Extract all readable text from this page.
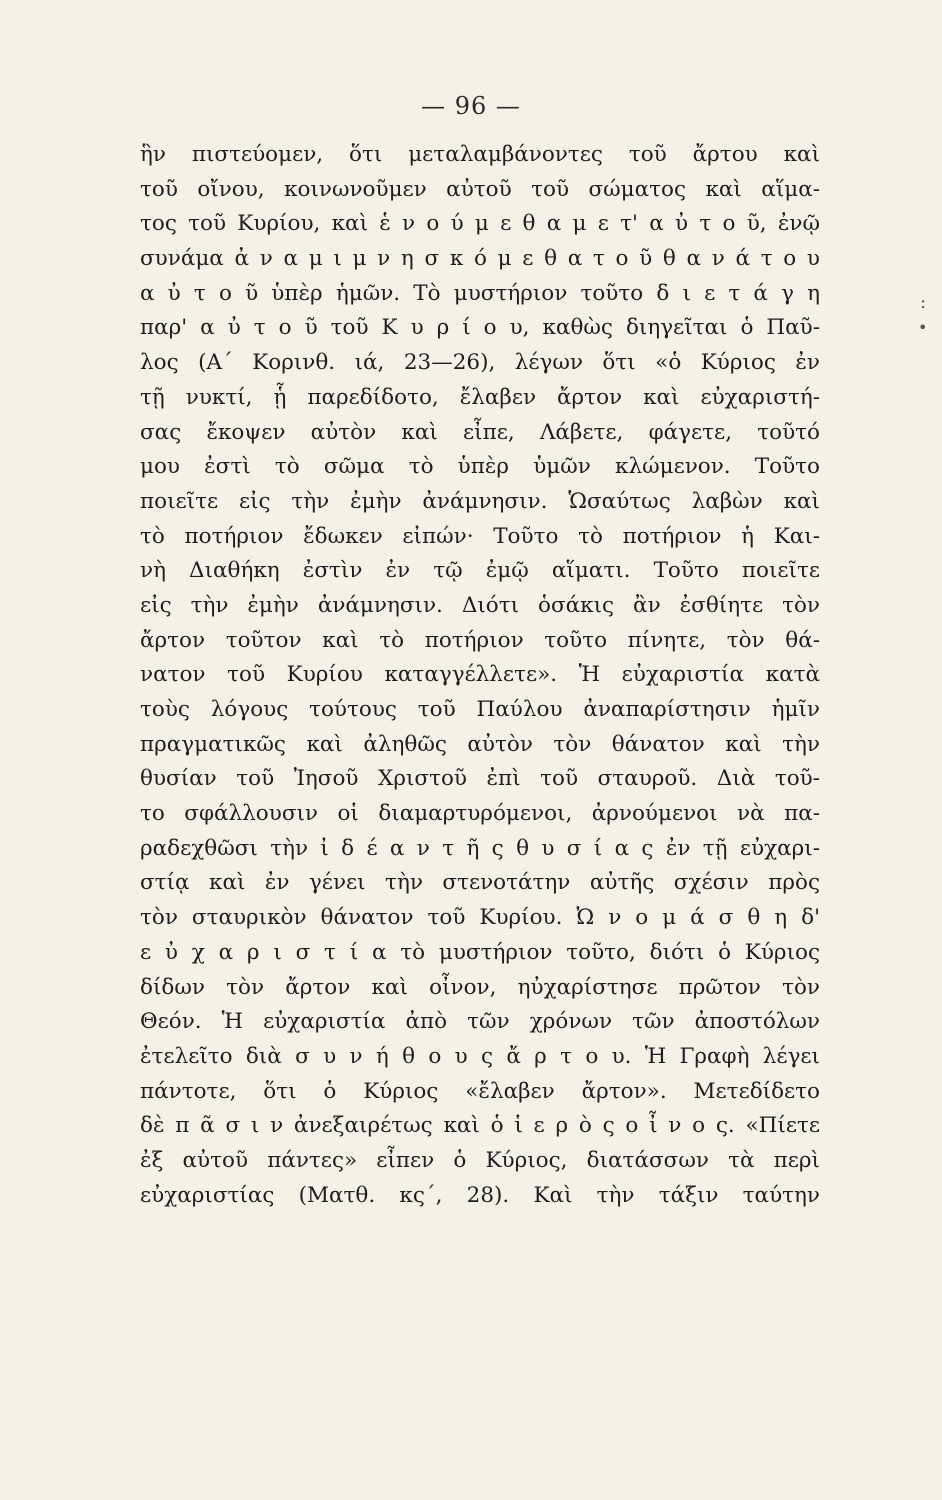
— 96 —
ἣν πιστεύομεν, ὅτι μεταλαμβάνοντες τοῦ ἄρτου καὶ
τοῦ οἴνου, κοινωνοῦμεν αὐτοῦ τοῦ σώματος καὶ αἵμα-
τος τοῦ Κυρίου, καὶ ἑ ν ο ύ μ ε θ α μ ε τ' α ὐ τ ο ῦ, ἐνῷ
συνάμα ἀ ν α μ ι μ ν η σ κ ό μ ε θ α τ ο ῦ θ α ν ά τ ο υ
α ὐ τ ο ῦ ὑπὲρ ἡμῶν. Τὸ μυστήριον τοῦτο δ ι ε τ ά γ η
παρ' α ὐ τ ο ῦ τοῦ Κ υ ρ ί ο υ, καθὼς διηγεῖται ὁ Παῦ-
λος (Α΄ Κορινθ. ιά, 23—26), λέγων ὅτι «ὁ Κύριος ἐν
τῇ νυκτί, ᾗ παρεδίδοτο, ἔλαβεν ἄρτον καὶ εὐχαριστή-
σας ἔκοψεν αὐτὸν καὶ εἶπε, Λάβετε, φάγετε, τοῦτό
μου ἐστὶ τὸ σῶμα τὸ ὑπὲρ ὑμῶν κλώμενον. Τοῦτο
ποιεῖτε εἰς τὴν ἐμὴν ἀνάμνησιν. Ὡσαύτως λαβὼν καὶ
τὸ ποτήριον ἔδωκεν εἰπών· Τοῦτο τὸ ποτήριον ἡ Και-
νὴ Διαθήκη ἐστὶν ἐν τῷ ἐμῷ αἵματι. Τοῦτο ποιεῖτε
εἰς τὴν ἐμὴν ἀνάμνησιν. Διότι ὁσάκις ἂν ἐσθίητε τὸν
ἄρτον τοῦτον καὶ τὸ ποτήριον τοῦτο πίνητε, τὸν θά-
νατον τοῦ Κυρίου καταγγέλλετε». Ἡ εὐχαριστία κατὰ
τοὺς λόγους τούτους τοῦ Παύλου ἀναπαρίστησιν ἡμῖν
πραγματικῶς καὶ ἀληθῶς αὐτὸν τὸν θάνατον καὶ τὴν
θυσίαν τοῦ Ἰησοῦ Χριστοῦ ἐπὶ τοῦ σταυροῦ. Διὰ τοῦ-
το σφάλλουσιν οἱ διαμαρτυρόμενοι, ἀρνούμενοι νὰ πα-
ραδεχθῶσι τὴν ἰ δ έ α ν τ ῆ ς θ υ σ ί α ς ἐν τῇ εὐχαρι-
στίᾳ καὶ ἐν γένει τὴν στενοτάτην αὐτῆς σχέσιν πρὸς
τὸν σταυρικὸν θάνατον τοῦ Κυρίου. Ὠ ν ο μ ά σ θ η δ'
ε ὐ χ α ρ ι σ τ ί α τὸ μυστήριον τοῦτο, διότι ὁ Κύριος
δίδων τὸν ἄρτον καὶ οἶνον, ηὐχαρίστησε πρῶτον τὸν
Θεόν. Ἡ εὐχαριστία ἀπὸ τῶν χρόνων τῶν ἀποστόλων
ἐτελεῖτο διὰ σ υ ν ή θ ο υ ς ἄ ρ τ ο υ. Ἡ Γραφὴ λέγει
πάντοτε, ὅτι ὁ Κύριος «ἔλαβεν ἄρτον». Μετεδίδετο
δὲ π ᾶ σ ι ν ἀνεξαιρέτως καὶ ὁ ἱ ε ρ ὸ ς ο ἶ ν ο ς. «Πίετε
ἐξ αὐτοῦ πάντες» εἶπεν ὁ Κύριος, διατάσσων τὰ περὶ
εὐχαριστίας (Ματθ. κς΄, 28). Καὶ τὴν τάξιν ταύτην
:
•
